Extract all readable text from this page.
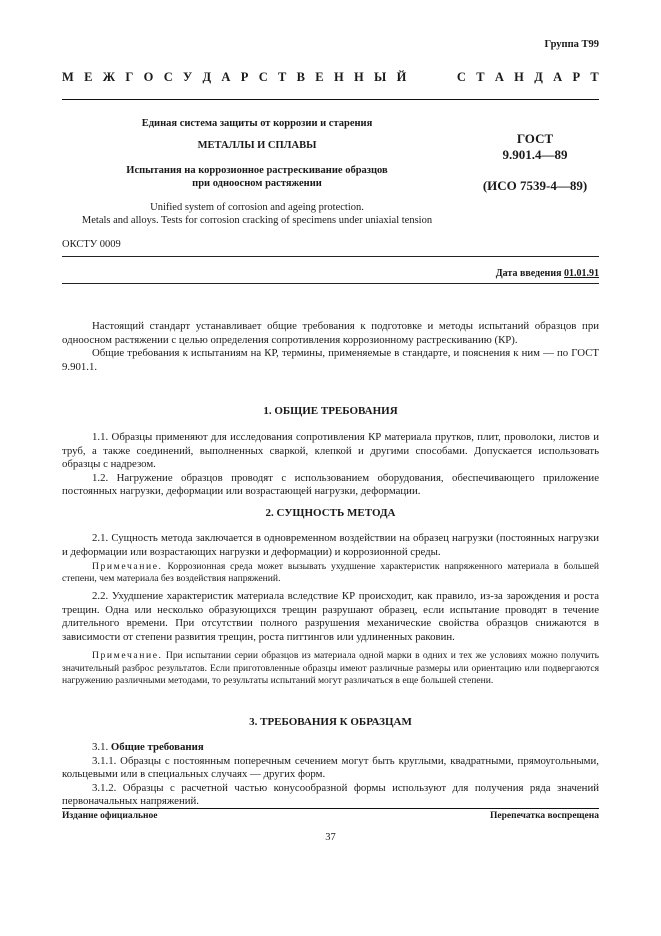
Группа Т99
М Е Ж Г О С У Д А Р С Т В Е Н Н Ы Й

	С Т А Н Д А Р Т
Единая система защиты от коррозии и старения
МЕТАЛЛЫ И СПЛАВЫ
Испытания на коррозионное растрескивание образцов
при одноосном растяжении
Unified system of corrosion and ageing protection.
Metals and alloys. Tests for corrosion cracking of specimens under uniaxial tension
ГОСТ
9.901.4—89
(ИСО 7539-4—89)
ОКСТУ 0009
Дата введения 01.01.91

Настоящий стандарт устанавливает общие требования к подготовке и методы испытаний образцов при одноосном растяжении с целью определения сопротивления коррозионному растрескиванию (КР).

Общие требования к испытаниям на КР, термины, применяемые в стандарте, и пояснения к ним — по ГОСТ 9.901.1.

1. ОБЩИЕ ТРЕБОВАНИЯ

1.1. Образцы применяют для исследования сопротивления КР материала прутков, плит, проволоки, листов и труб, а также соединений, выполненных сваркой, клепкой и другими способами. Допускается использовать образцы с надрезом.

1.2. Нагружение образцов проводят с использованием оборудования, обеспечивающего приложение постоянных нагрузки, деформации или возрастающей нагрузки, деформации.

2. СУЩНОСТЬ МЕТОДА

2.1. Сущность метода заключается в одновременном воздействии на образец нагрузки (постоянных нагрузки и деформации или возрастающих нагрузки и деформации) и коррозионной среды.

Примечание. Коррозионная среда может вызывать ухудшение характеристик напряженного материала в большей степени, чем материала без воздействия напряжений.

2.2. Ухудшение характеристик материала вследствие КР происходит, как правило, из-за зарождения и роста трещин. Одна или несколько образующихся трещин разрушают образец, если испытание проводят в течение длительного времени. При отсутствии полного разрушения механические свойства образцов снижаются в зависимости от степени развития трещин, роста питтингов или удлиненных раковин.

Примечание. При испытании серии образцов из материала одной марки в одних и тех же условиях можно получить значительный разброс результатов. Если приготовленные образцы имеют различные размеры или ориентацию или подвергаются нагружению различными методами, то результаты испытаний могут различаться в еще большей степени.

3. ТРЕБОВАНИЯ К ОБРАЗЦАМ

3.1. Общие требования

3.1.1. Образцы с постоянным поперечным сечением могут быть круглыми, квадратными, прямоугольными, кольцевыми или в специальных случаях — других форм.

3.1.2. Образцы с расчетной частью конусообразной формы используют для получения ряда значений первоначальных напряжений.

Издание официальное	Перепечатка воспрещена
37
